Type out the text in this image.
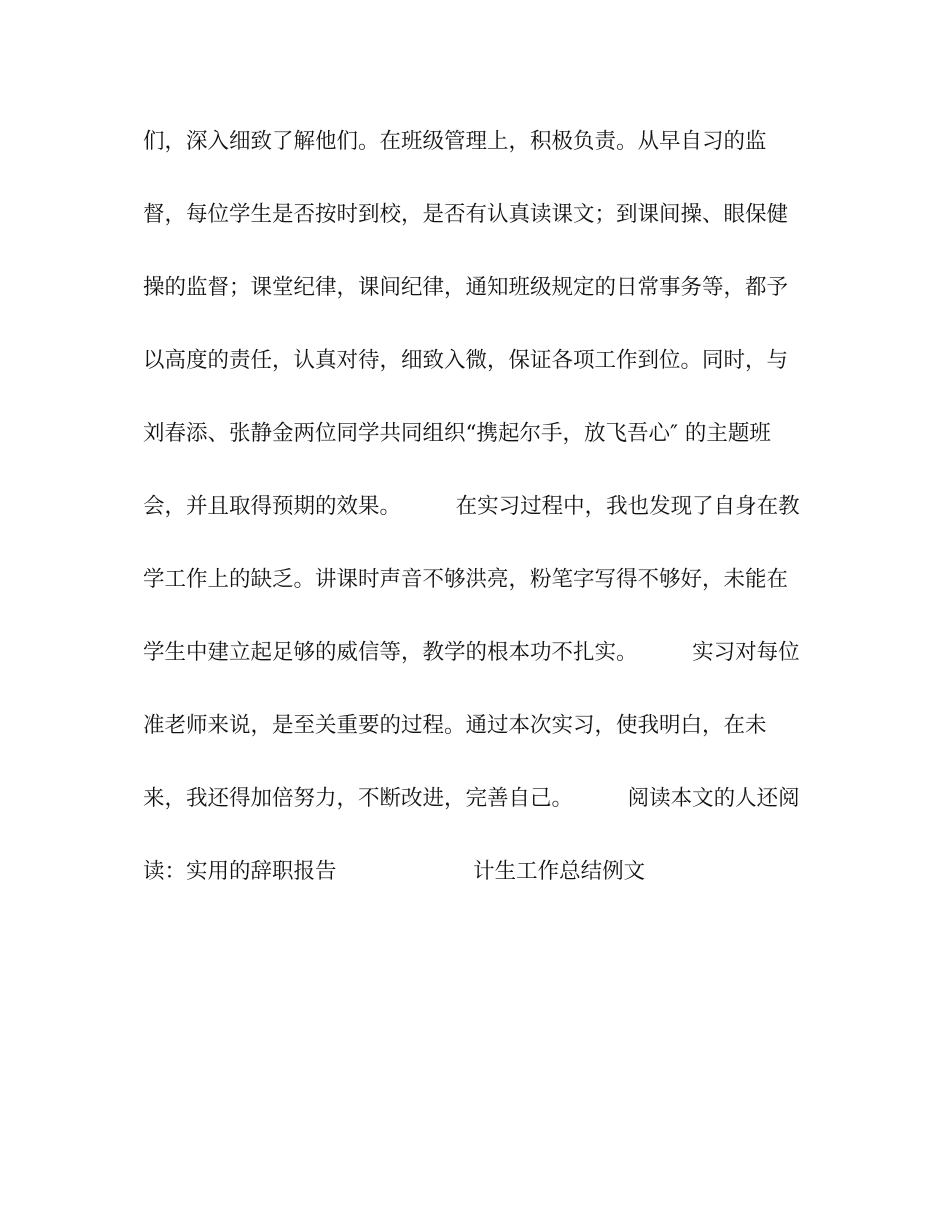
们，深入细致了解他们。在班级管理上，积极负责。从早自习的监
督，每位学生是否按时到校，是否有认真读课文；到课间操、眼保健
操的监督；课堂纪律，课间纪律，通知班级规定的日常事务等，都予
以高度的责任，认真对待，细致入微，保证各项工作到位。同时，与
刘春添、张静金两位同学共同组织“携起尔手，放飞吾心″ 的主题班
会，并且取得预期的效果。        在实习过程中，我也发现了自身在教
学工作上的缺乏。讲课时声音不够洪亮，粉笔字写得不够好，未能在
学生中建立起足够的威信等，教学的根本功不扎实。        实习对每位
准老师来说，是至关重要的过程。通过本次实习，使我明白，在未
来，我还得加倍努力，不断改进，完善自己。        阅读本文的人还阅
读：实用的辞职报告                    计生工作总结例文
